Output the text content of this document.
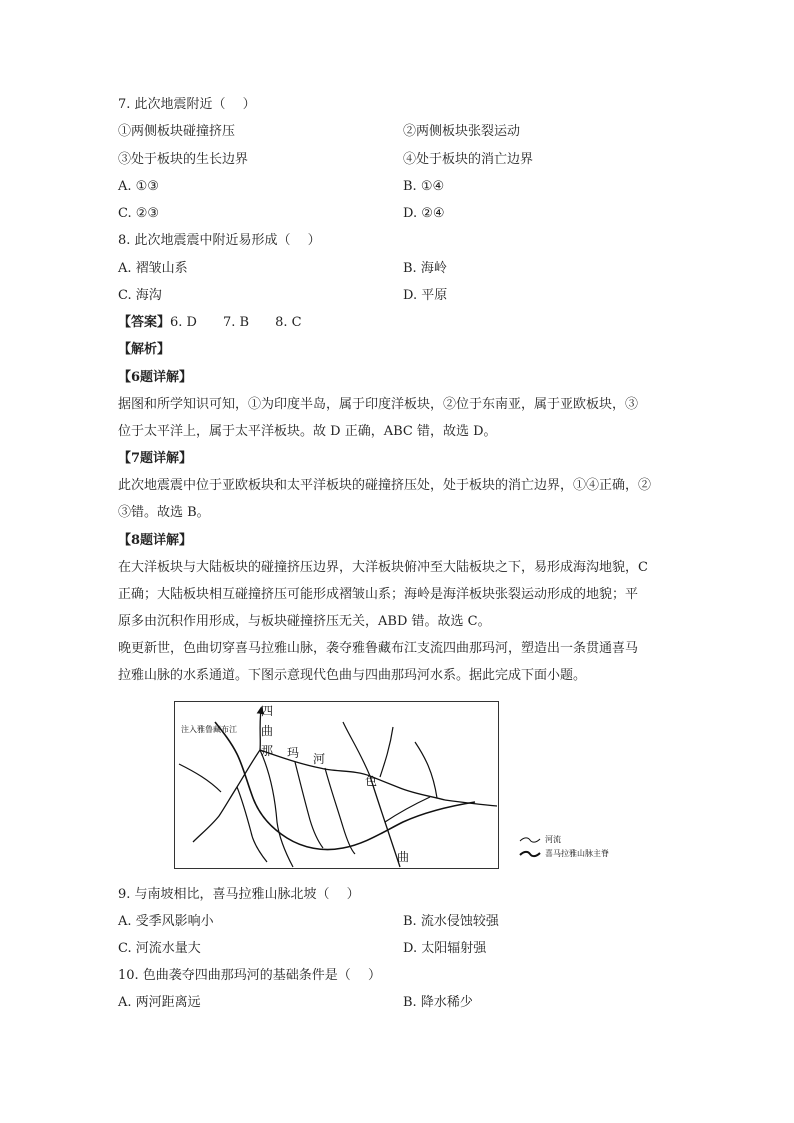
7. 此次地震附近（　 ）
①两侧板块碰撞挤压	②两侧板块张裂运动
③处于板块的生长边界	④处于板块的消亡边界
A. ①③	B. ①④
C. ②③	D. ②④
8. 此次地震震中附近易形成（　 ）
A. 褶皱山系	B. 海岭
C. 海沟	D. 平原
【答案】6. D　　7. B　　8. C
【解析】
【6题详解】
据图和所学知识可知，①为印度半岛，属于印度洋板块，②位于东南亚，属于亚欧板块，③
位于太平洋上，属于太平洋板块。故 D 正确，ABC 错，故选 D。
【7题详解】
此次地震震中位于亚欧板块和太平洋板块的碰撞挤压处，处于板块的消亡边界，①④正确，②
③错。故选 B。
【8题详解】
在大洋板块与大陆板块的碰撞挤压边界，大洋板块俯冲至大陆板块之下，易形成海沟地貌，C
正确；大陆板块相互碰撞挤压可能形成褶皱山系；海岭是海洋板块张裂运动形成的地貌；平
原多由沉积作用形成，与板块碰撞挤压无关，ABD 错。故选 C。
晚更新世，色曲切穿喜马拉雅山脉，袭夺雅鲁藏布江支流四曲那玛河，塑造出一条贯通喜马
拉雅山脉的水系通道。下图示意现代色曲与四曲那玛河水系。据此完成下面小题。
注入雅鲁藏布江
四
曲
那 玛 河
色
曲
河流
喜马拉雅山脉主脊
9. 与南坡相比，喜马拉雅山脉北坡（　 ）
A. 受季风影响小	B. 流水侵蚀较强
C. 河流水量大	D. 太阳辐射强
10. 色曲袭夺四曲那玛河的基础条件是（　 ）
A. 两河距离远	B. 降水稀少
